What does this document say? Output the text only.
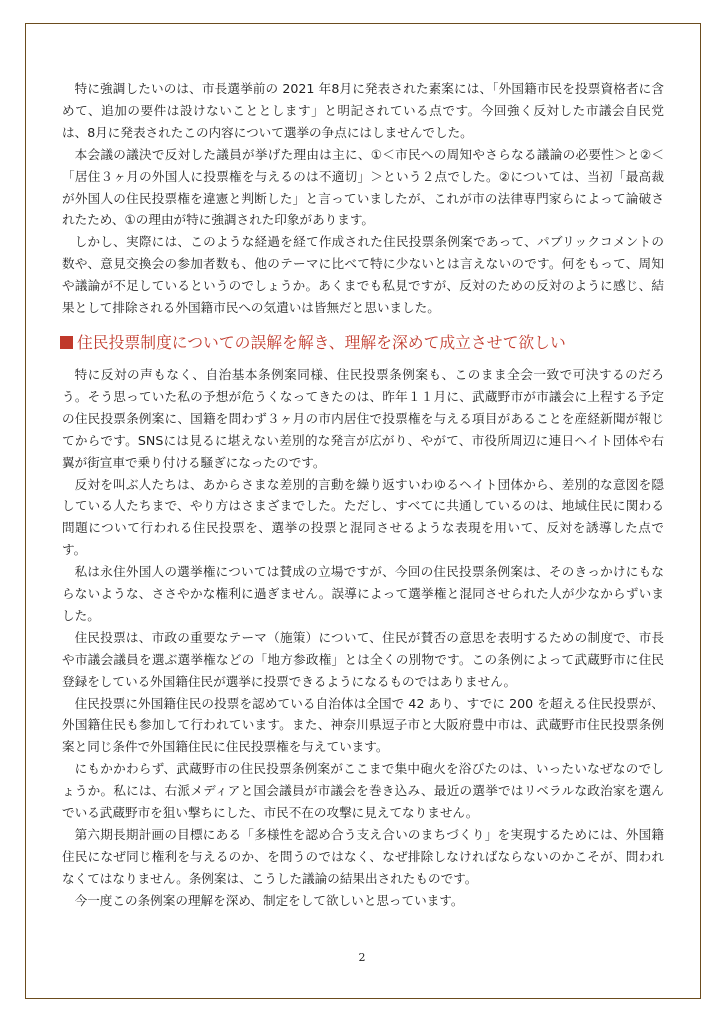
特に強調したいのは、市長選挙前の 2021 年8月に発表された素案には、「外国籍市民を投票資格者に含めて、追加の要件は設けないこととします」と明記されている点です。今回強く反対した市議会自民党は、8月に発表されたこの内容について選挙の争点にはしませんでした。

本会議の議決で反対した議員が挙げた理由は主に、①＜市民への周知やさらなる議論の必要性＞と②＜「居住３ヶ月の外国人に投票権を与えるのは不適切」＞という２点でした。②については、当初「最高裁が外国人の住民投票権を違憲と判断した」と言っていましたが、これが市の法律専門家らによって論破されたため、①の理由が特に強調された印象があります。

しかし、実際には、このような経過を経て作成された住民投票条例案であって、パブリックコメントの数や、意見交換会の参加者数も、他のテーマに比べて特に少ないとは言えないのです。何をもって、周知や議論が不足しているというのでしょうか。あくまでも私見ですが、反対のための反対のように感じ、結果として排除される外国籍市民への気遣いは皆無だと思いました。

住民投票制度についての誤解を解き、理解を深めて成立させて欲しい

特に反対の声もなく、自治基本条例案同様、住民投票条例案も、このまま全会一致で可決するのだろう。そう思っていた私の予想が危うくなってきたのは、昨年１１月に、武蔵野市が市議会に上程する予定の住民投票条例案に、国籍を問わず３ヶ月の市内居住で投票権を与える項目があることを産経新聞が報じてからです。SNSには見るに堪えない差別的な発言が広がり、やがて、市役所周辺に連日ヘイト団体や右翼が街宣車で乗り付ける騒ぎになったのです。

反対を叫ぶ人たちは、あからさまな差別的言動を繰り返すいわゆるヘイト団体から、差別的な意図を隠している人たちまで、やり方はさまざまでした。ただし、すべてに共通しているのは、地域住民に関わる問題について行われる住民投票を、選挙の投票と混同させるような表現を用いて、反対を誘導した点です。

私は永住外国人の選挙権については賛成の立場ですが、今回の住民投票条例案は、そのきっかけにもならないような、ささやかな権利に過ぎません。誤導によって選挙権と混同させられた人が少なからずいました。

住民投票は、市政の重要なテーマ（施策）について、住民が賛否の意思を表明するための制度で、市長や市議会議員を選ぶ選挙権などの「地方参政権」とは全くの別物です。この条例によって武蔵野市に住民登録をしている外国籍住民が選挙に投票できるようになるものではありません。

住民投票に外国籍住民の投票を認めている自治体は全国で 42 あり、すでに 200 を超える住民投票が、外国籍住民も参加して行われています。また、神奈川県逗子市と大阪府豊中市は、武蔵野市住民投票条例案と同じ条件で外国籍住民に住民投票権を与えています。

にもかかわらず、武蔵野市の住民投票条例案がここまで集中砲火を浴びたのは、いったいなぜなのでしょうか。私には、右派メディアと国会議員が市議会を巻き込み、最近の選挙ではリベラルな政治家を選んでいる武蔵野市を狙い撃ちにした、市民不在の攻撃に見えてなりません。

第六期長期計画の目標にある「多様性を認め合う支え合いのまちづくり」を実現するためには、外国籍住民になぜ同じ権利を与えるのか、を問うのではなく、なぜ排除しなければならないのかこそが、問われなくてはなりません。条例案は、こうした議論の結果出されたものです。

今一度この条例案の理解を深め、制定をして欲しいと思っています。

2
